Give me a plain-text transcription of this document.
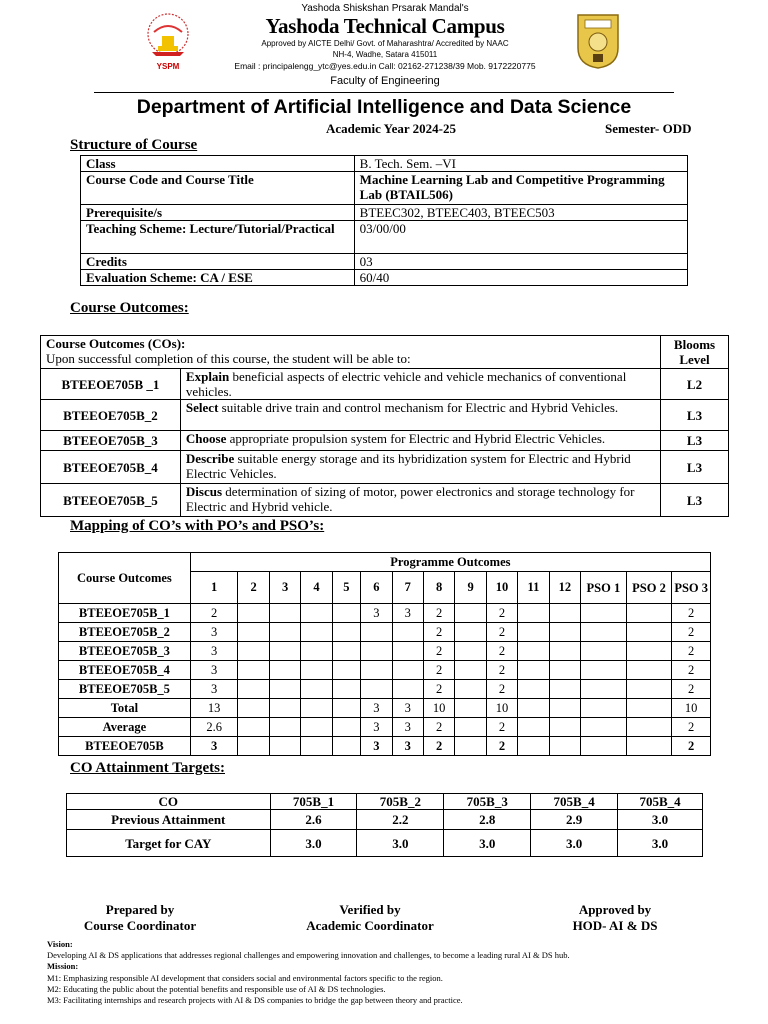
YSPM
Yashoda Shiskshan Prsarak Mandal's
Yashoda Technical Campus
Approved by AICTE Delhi/ Govt. of Maharashtra/ Accredited by NAAC
NH-4, Wadhe, Satara 415011
Email : principalengg_ytc@yes.edu.in Call: 02162-271238/39 Mob. 9172220775
Faculty of Engineering
Department of Artificial Intelligence and Data Science
Academic Year 2024-25	Semester- ODD
Structure of Course
Class	B. Tech. Sem. –VI
Course Code and Course Title	Machine Learning Lab and Competitive Programming Lab (BTAIL506)
Prerequisite/s	BTEEC302, BTEEC403, BTEEC503
Teaching Scheme: Lecture/Tutorial/Practical	03/00/00
Credits	03
Evaluation Scheme: CA / ESE	60/40
Course Outcomes:
Course Outcomes (COs):
Upon successful completion of this course, the student will be able to:		Blooms Level
BTEEOE705B _1	Explain beneficial aspects of electric vehicle and vehicle mechanics of conventional vehicles.	L2
BTEEOE705B_2	Select suitable drive train and control mechanism for Electric and Hybrid Vehicles.	L3
BTEEOE705B_3	Choose appropriate propulsion system for Electric and Hybrid Electric Vehicles.	L3
BTEEOE705B_4	Describe suitable energy storage and its hybridization system for Electric and Hybrid Electric Vehicles.	L3
BTEEOE705B_5	Discus determination of sizing of motor, power electronics and storage technology for Electric and Hybrid vehicle.	L3
Mapping of CO’s with PO’s and PSO’s:
Course Outcomes	Programme Outcomes														
	1	2	3	4	5	6	7	8	9	10	11	12	PSO 1	PSO 2	PSO 3
BTEEOE705B_1	2					3	3	2		2					2
BTEEOE705B_2	3							2		2					2
BTEEOE705B_3	3							2		2					2
BTEEOE705B_4	3							2		2					2
BTEEOE705B_5	3							2		2					2
Total	13					3	3	10		10					10
Average	2.6					3	3	2		2					2
BTEEOE705B	3					3	3	2		2					2
CO Attainment Targets:
CO	705B_1	705B_2	705B_3	705B_4	705B_4
Previous Attainment	2.6	2.2	2.8	2.9	3.0
Target for CAY	3.0	3.0	3.0	3.0	3.0
Prepared by
Course Coordinator
Verified by
Academic Coordinator
Approved by
HOD- AI & DS
Vision:
Developing AI & DS applications that addresses regional challenges and empowering innovation and challenges, to become a leading rural AI & DS hub.
Mission:
M1: Emphasizing responsible AI development that considers social and environmental factors specific to the region.
M2: Educating the public about the potential benefits and responsible use of AI & DS technologies.
M3: Facilitating internships and research projects with AI & DS companies to bridge the gap between theory and practice.
